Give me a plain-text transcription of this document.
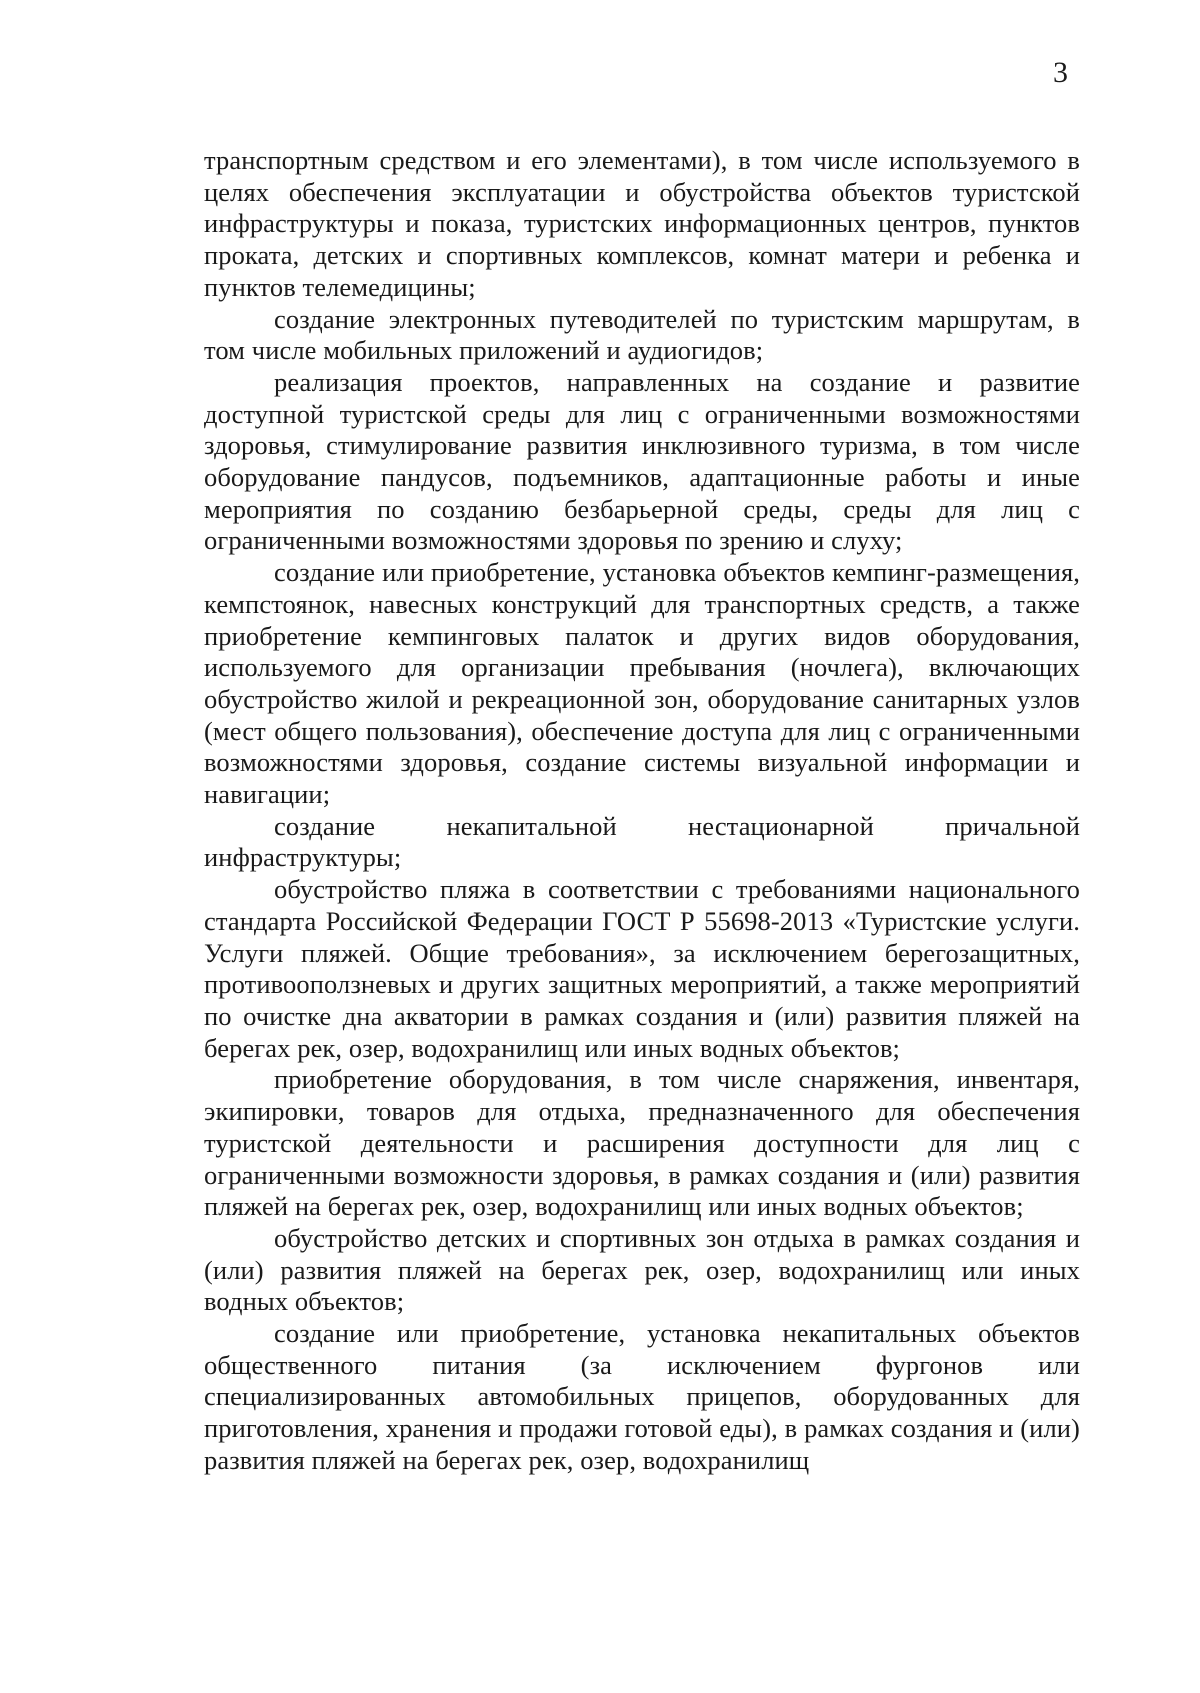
3

транспортным средством и его элементами), в том числе используемого в целях обеспечения эксплуатации и обустройства объектов туристской инфраструктуры и показа, туристских информационных центров, пунктов проката, детских и спортивных комплексов, комнат матери и ребенка и пунктов телемедицины;

создание электронных путеводителей по туристским маршрутам, в том числе мобильных приложений и аудиогидов;

реализация проектов, направленных на создание и развитие доступной туристской среды для лиц с ограниченными возможностями здоровья, стимулирование развития инклюзивного туризма, в том числе оборудование пандусов, подъемников, адаптационные работы и иные мероприятия по созданию безбарьерной среды, среды для лиц с ограниченными возможностями здоровья по зрению и слуху;

создание или приобретение, установка объектов кемпинг-размещения, кемпстоянок, навесных конструкций для транспортных средств, а также приобретение кемпинговых палаток и других видов оборудования, используемого для организации пребывания (ночлега), включающих обустройство жилой и рекреационной зон, оборудование санитарных узлов (мест общего пользования), обеспечение доступа для лиц с ограниченными возможностями здоровья, создание системы визуальной информации и навигации;

создание некапитальной нестационарной причальной инфраструктуры;

обустройство пляжа в соответствии с требованиями национального стандарта Российской Федерации ГОСТ Р 55698-2013 «Туристские услуги. Услуги пляжей. Общие требования», за исключением берегозащитных, противооползневых и других защитных мероприятий, а также мероприятий по очистке дна акватории в рамках создания и (или) развития пляжей на берегах рек, озер, водохранилищ или иных водных объектов;

приобретение оборудования, в том числе снаряжения, инвентаря, экипировки, товаров для отдыха, предназначенного для обеспечения туристской деятельности и расширения доступности для лиц с ограниченными возможности здоровья, в рамках создания и (или) развития пляжей на берегах рек, озер, водохранилищ или иных водных объектов;

обустройство детских и спортивных зон отдыха в рамках создания и (или) развития пляжей на берегах рек, озер, водохранилищ или иных водных объектов;

создание или приобретение, установка некапитальных объектов общественного питания (за исключением фургонов или специализированных автомобильных прицепов, оборудованных для приготовления, хранения и продажи готовой еды), в рамках создания и (или) развития пляжей на берегах рек, озер, водохранилищ
